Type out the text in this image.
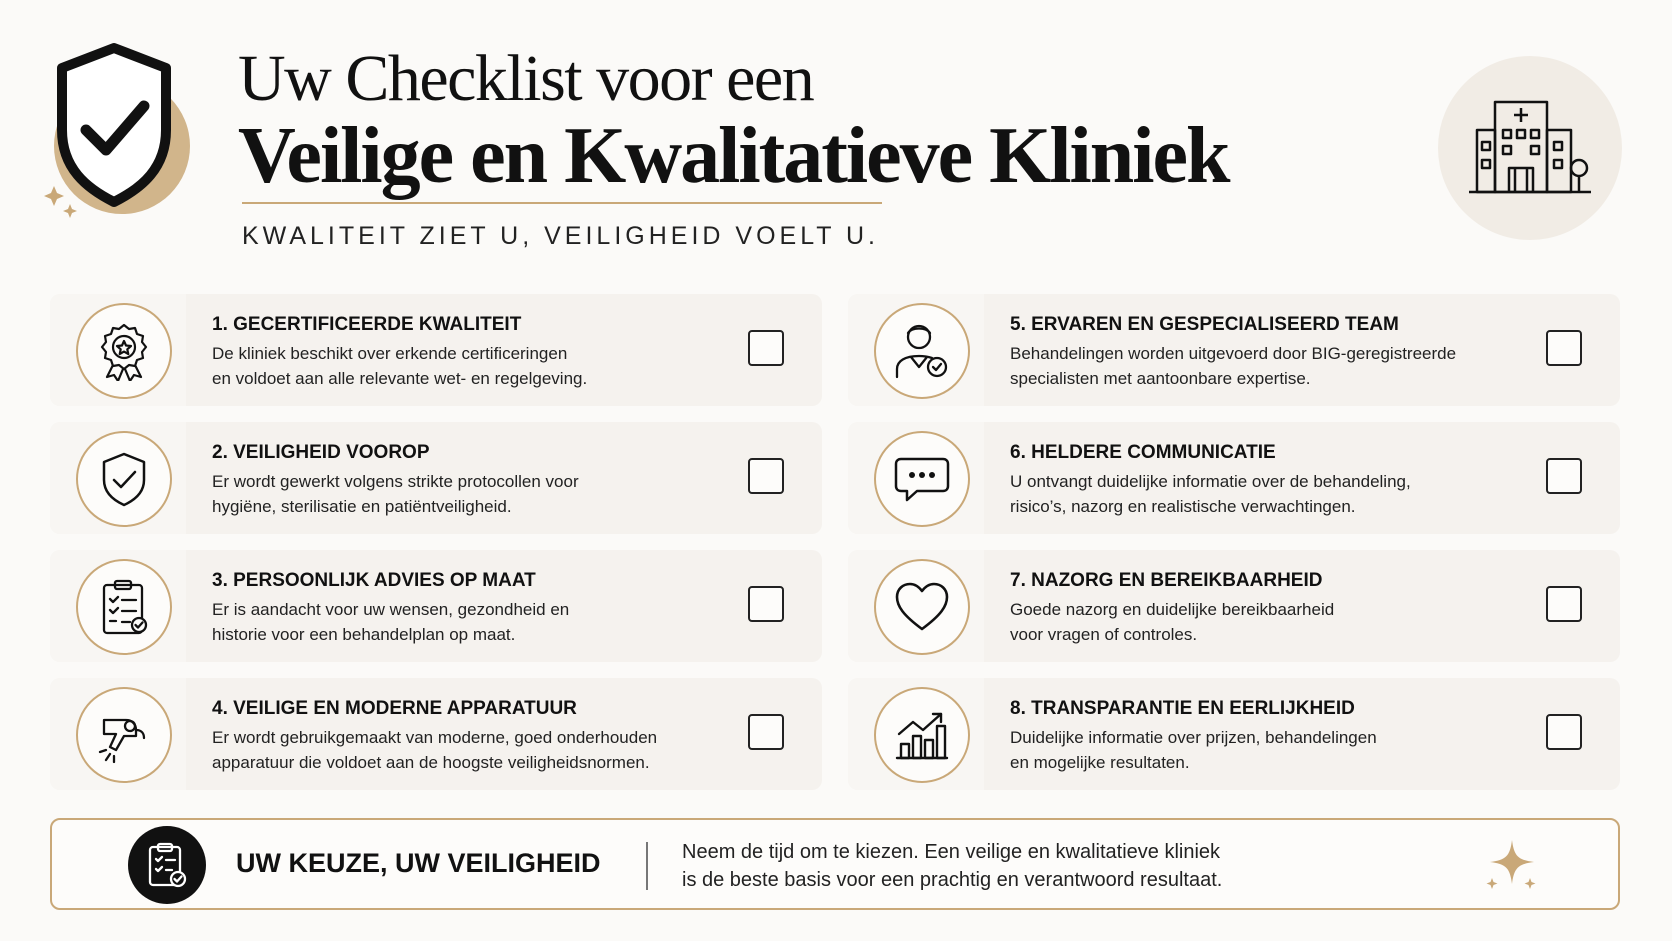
Uw Checklist voor een
Veilige en Kwalitatieve Kliniek
KWALITEIT ZIET U, VEILIGHEID VOELT U.
1. GECERTIFICEERDE KWALITEIT
De kliniek beschikt over erkende certificeringen
en voldoet aan alle relevante wet- en regelgeving.
2. VEILIGHEID VOOROP
Er wordt gewerkt volgens strikte protocollen voor
hygiëne, sterilisatie en patiëntveiligheid.
3. PERSOONLIJK ADVIES OP MAAT
Er is aandacht voor uw wensen, gezondheid en
historie voor een behandelplan op maat.
4. VEILIGE EN MODERNE APPARATUUR
Er wordt gebruikgemaakt van moderne, goed onderhouden
apparatuur die voldoet aan de hoogste veiligheidsnormen.
5. ERVAREN EN GESPECIALISEERD TEAM
Behandelingen worden uitgevoerd door BIG-geregistreerde
specialisten met aantoonbare expertise.
6. HELDERE COMMUNICATIE
U ontvangt duidelijke informatie over de behandeling,
risico’s, nazorg en realistische verwachtingen.
7. NAZORG EN BEREIKBAARHEID
Goede nazorg en duidelijke bereikbaarheid
voor vragen of controles.
8. TRANSPARANTIE EN EERLIJKHEID
Duidelijke informatie over prijzen, behandelingen
en mogelijke resultaten.
UW KEUZE, UW VEILIGHEID	Neem de tijd om te kiezen. Een veilige en kwalitatieve kliniek
is de beste basis voor een prachtig en verantwoord resultaat.
